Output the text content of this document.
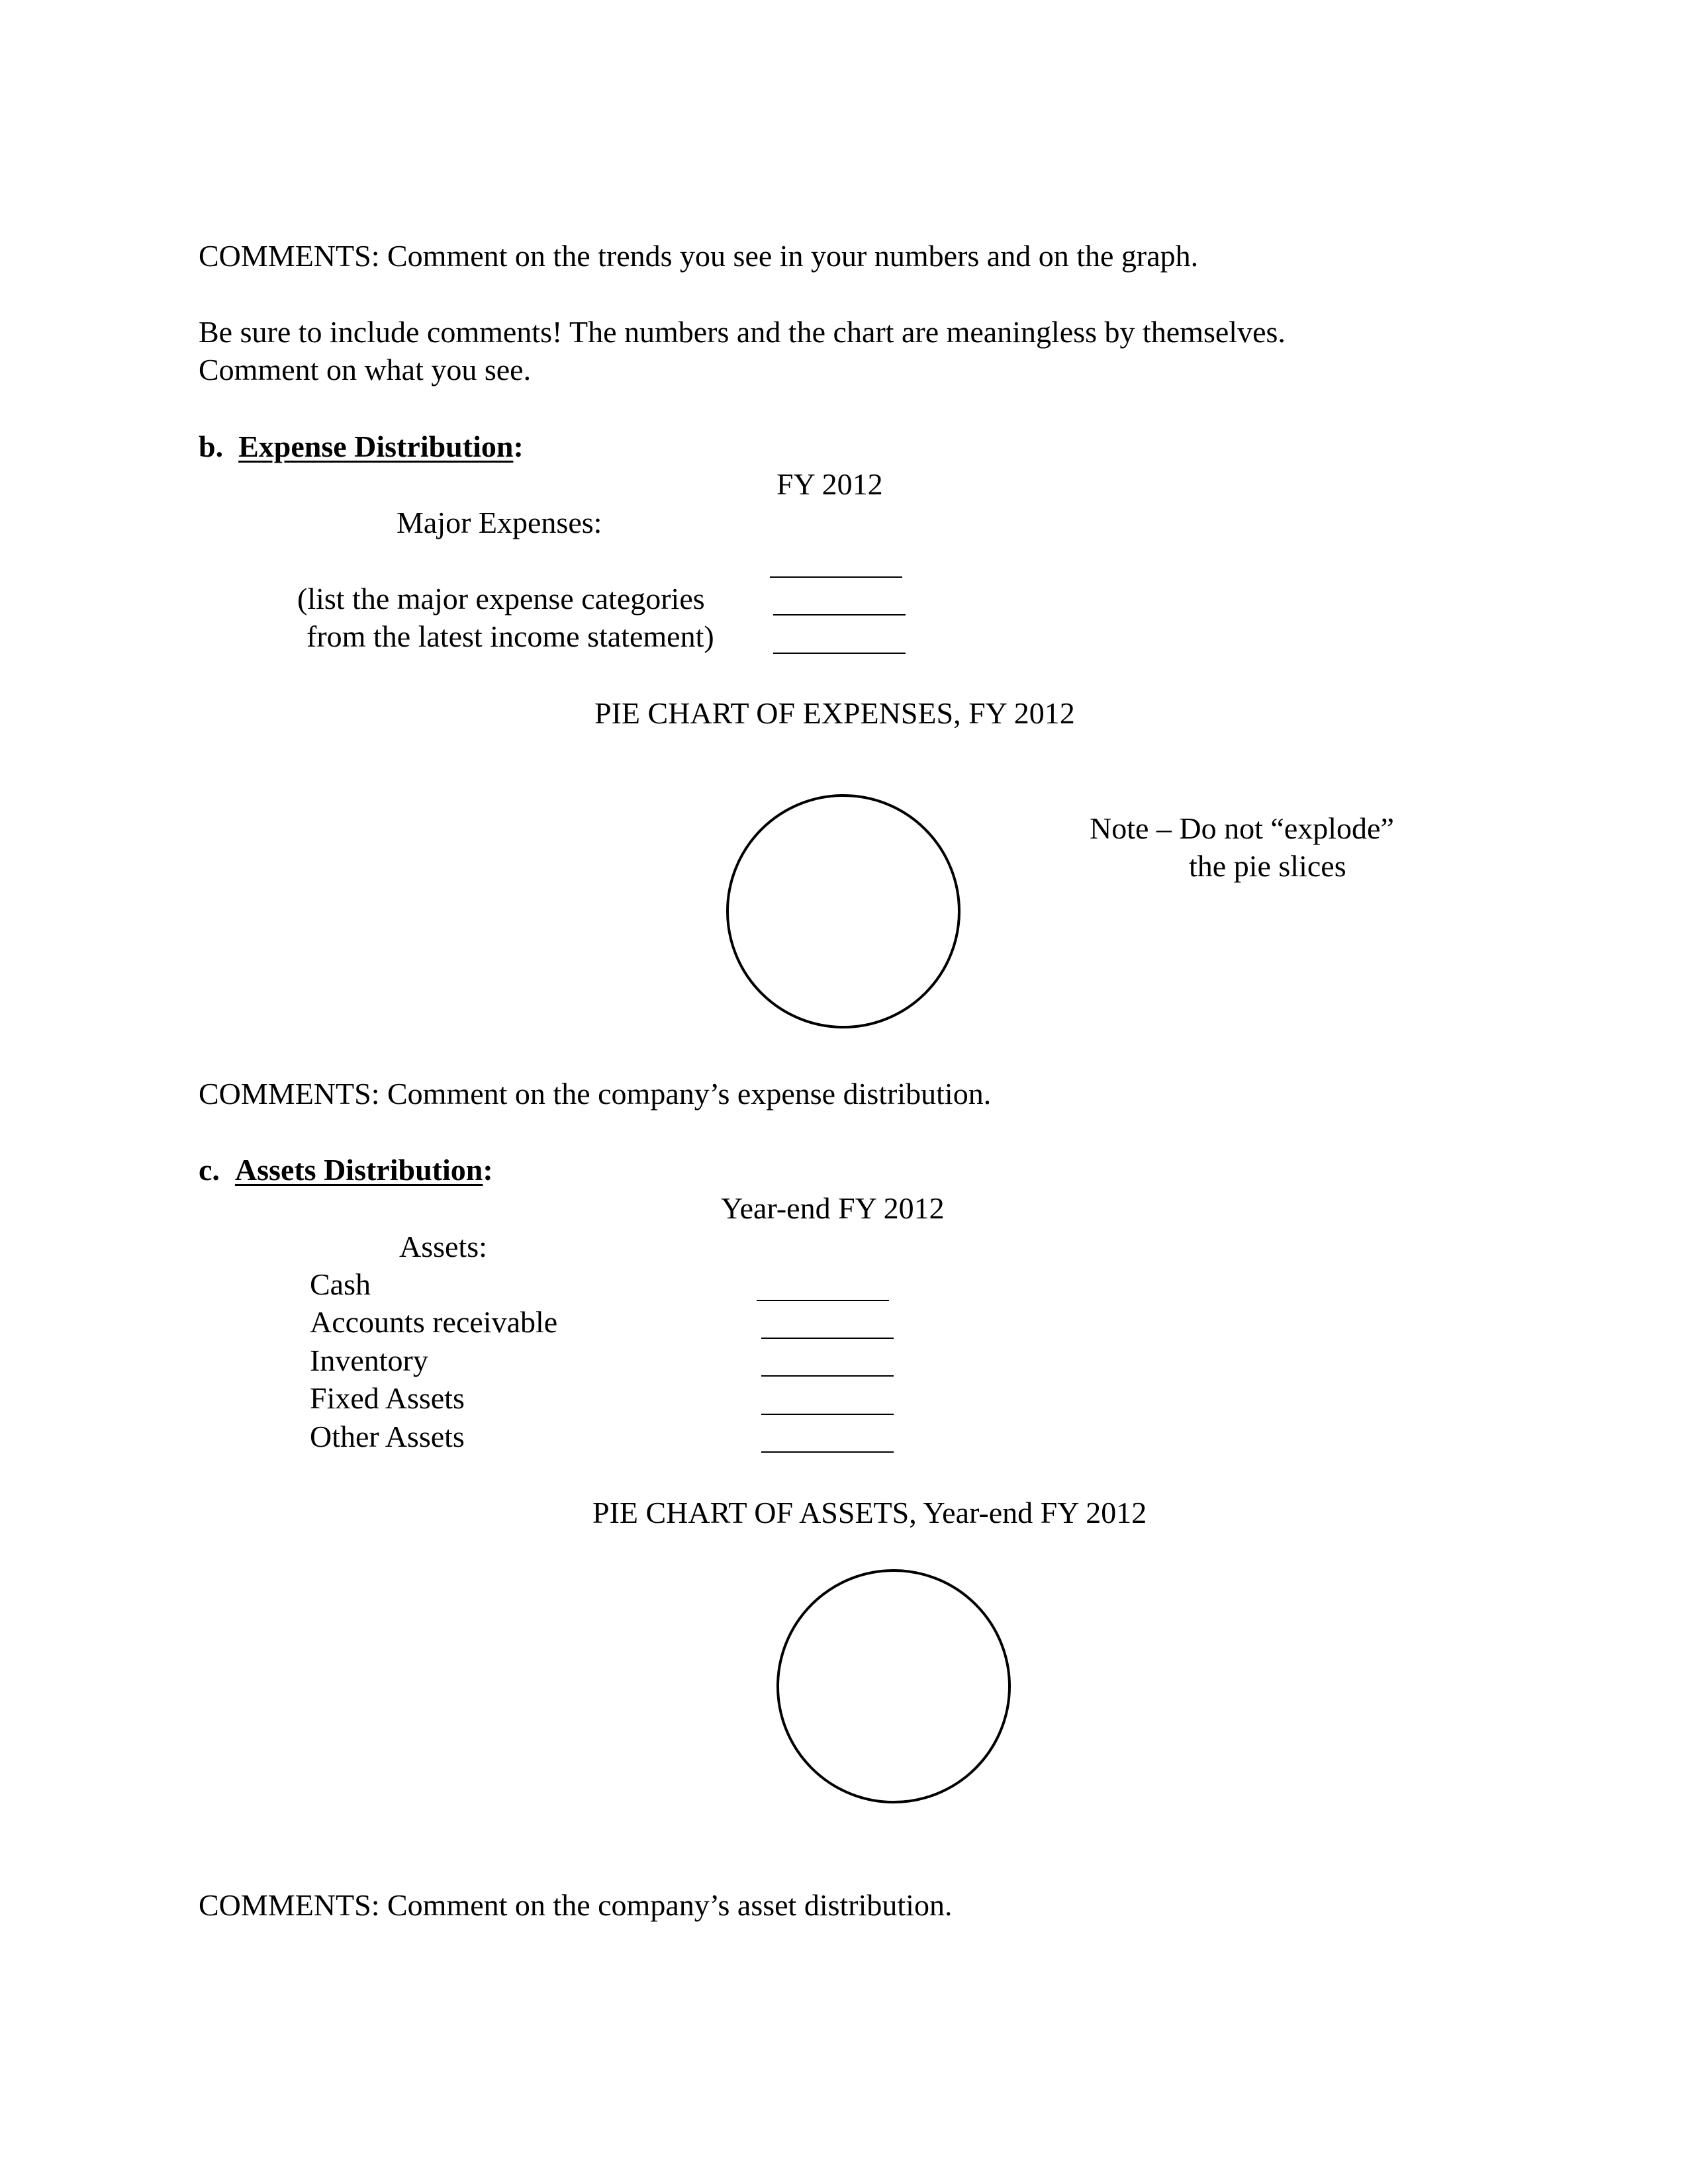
COMMENTS: Comment on the trends you see in your numbers and on the graph.
Be sure to include comments! The numbers and the chart are meaningless by themselves.
Comment on what you see.
b. Expense Distribution:
FY 2012
Major Expenses:
(list the major expense categories
from the latest income statement)
PIE CHART OF EXPENSES, FY 2012
Note – Do not “explode”
the pie slices
COMMENTS: Comment on the company’s expense distribution.
c. Assets Distribution:
Year-end FY 2012
Assets:
Cash
Accounts receivable
Inventory
Fixed Assets
Other Assets
PIE CHART OF ASSETS, Year-end FY 2012
COMMENTS: Comment on the company’s asset distribution.
